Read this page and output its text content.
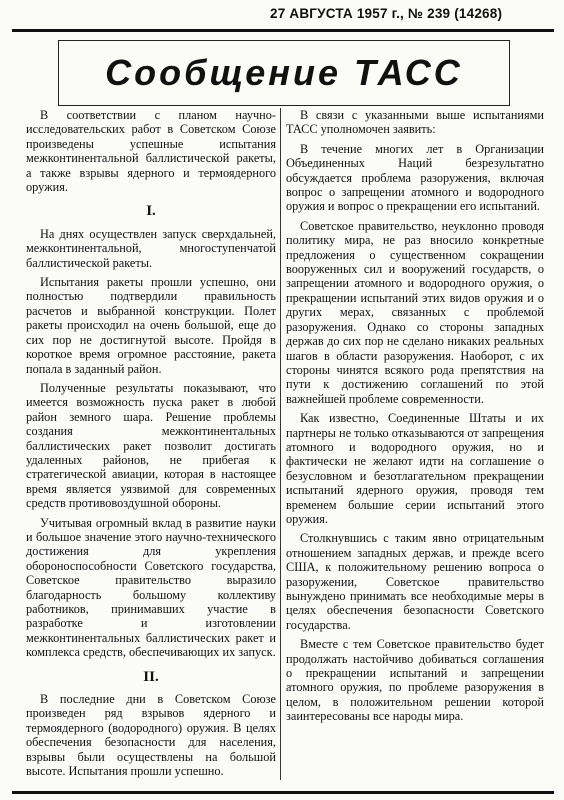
27 АВГУСТА 1957 г., № 239 (14268)
Сообщение ТАСС

В соответствии с планом научно-исследовательских работ в Советском Союзе произведены успешные испытания межконтинентальной баллистической ракеты, а также взрывы ядерного и термоядерного оружия.

I.

На днях осуществлен запуск сверхдальней, межконтинентальной, многоступенчатой баллистической ракеты.

Испытания ракеты прошли успешно, они полностью подтвердили правильность расчетов и выбранной конструкции. Полет ракеты происходил на очень большой, еще до сих пор не достигнутой высоте. Пройдя в короткое время огромное расстояние, ракета попала в заданный район.

Полученные результаты показывают, что имеется возможность пуска ракет в любой район земного шара. Решение проблемы создания межконтинентальных баллистических ракет позволит достигать удаленных районов, не прибегая к стратегической авиации, которая в настоящее время является уязвимой для современных средств противовоздушной обороны.

Учитывая огромный вклад в развитие науки и большое значение этого научно-технического достижения для укрепления обороноспособности Советского государства, Советское правительство выразило благодарность большому коллективу работников, принимавших участие в разработке и изготовлении межконтинентальных баллистических ракет и комплекса средств, обеспечивающих их запуск.

II.

В последние дни в Советском Союзе произведен ряд взрывов ядерного и термоядерного (водородного) оружия. В целях обеспечения безопасности для населения, взрывы были осуществлены на большой высоте. Испытания прошли успешно.

В связи с указанными выше испытаниями ТАСС уполномочен заявить:

В течение многих лет в Организации Объединенных Наций безрезультатно обсуждается проблема разоружения, включая вопрос о запрещении атомного и водородного оружия и вопрос о прекращении его испытаний.

Советское правительство, неуклонно проводя политику мира, не раз вносило конкретные предложения о существенном сокращении вооруженных сил и вооружений государств, о запрещении атомного и водородного оружия, о прекращении испытаний этих видов оружия и о других мерах, связанных с проблемой разоружения. Однако со стороны западных держав до сих пор не сделано никаких реальных шагов в области разоружения. Наоборот, с их стороны чинятся всякого рода препятствия на пути к достижению соглашений по этой важнейшей проблеме современности.

Как известно, Соединенные Штаты и их партнеры не только отказываются от запрещения атомного и водородного оружия, но и фактически не желают идти на соглашение о безусловном и безотлагательном прекращении испытаний ядерного оружия, проводя тем временем большие серии испытаний этого оружия.

Столкнувшись с таким явно отрицательным отношением западных держав, и прежде всего США, к положительному решению вопроса о разоружении, Советское правительство вынуждено принимать все необходимые меры в целях обеспечения безопасности Советского государства.

Вместе с тем Советское правительство будет продолжать настойчиво добиваться соглашения о прекращении испытаний и запрещении атомного оружия, по проблеме разоружения в целом, в положительном решении которой заинтересованы все народы мира.
